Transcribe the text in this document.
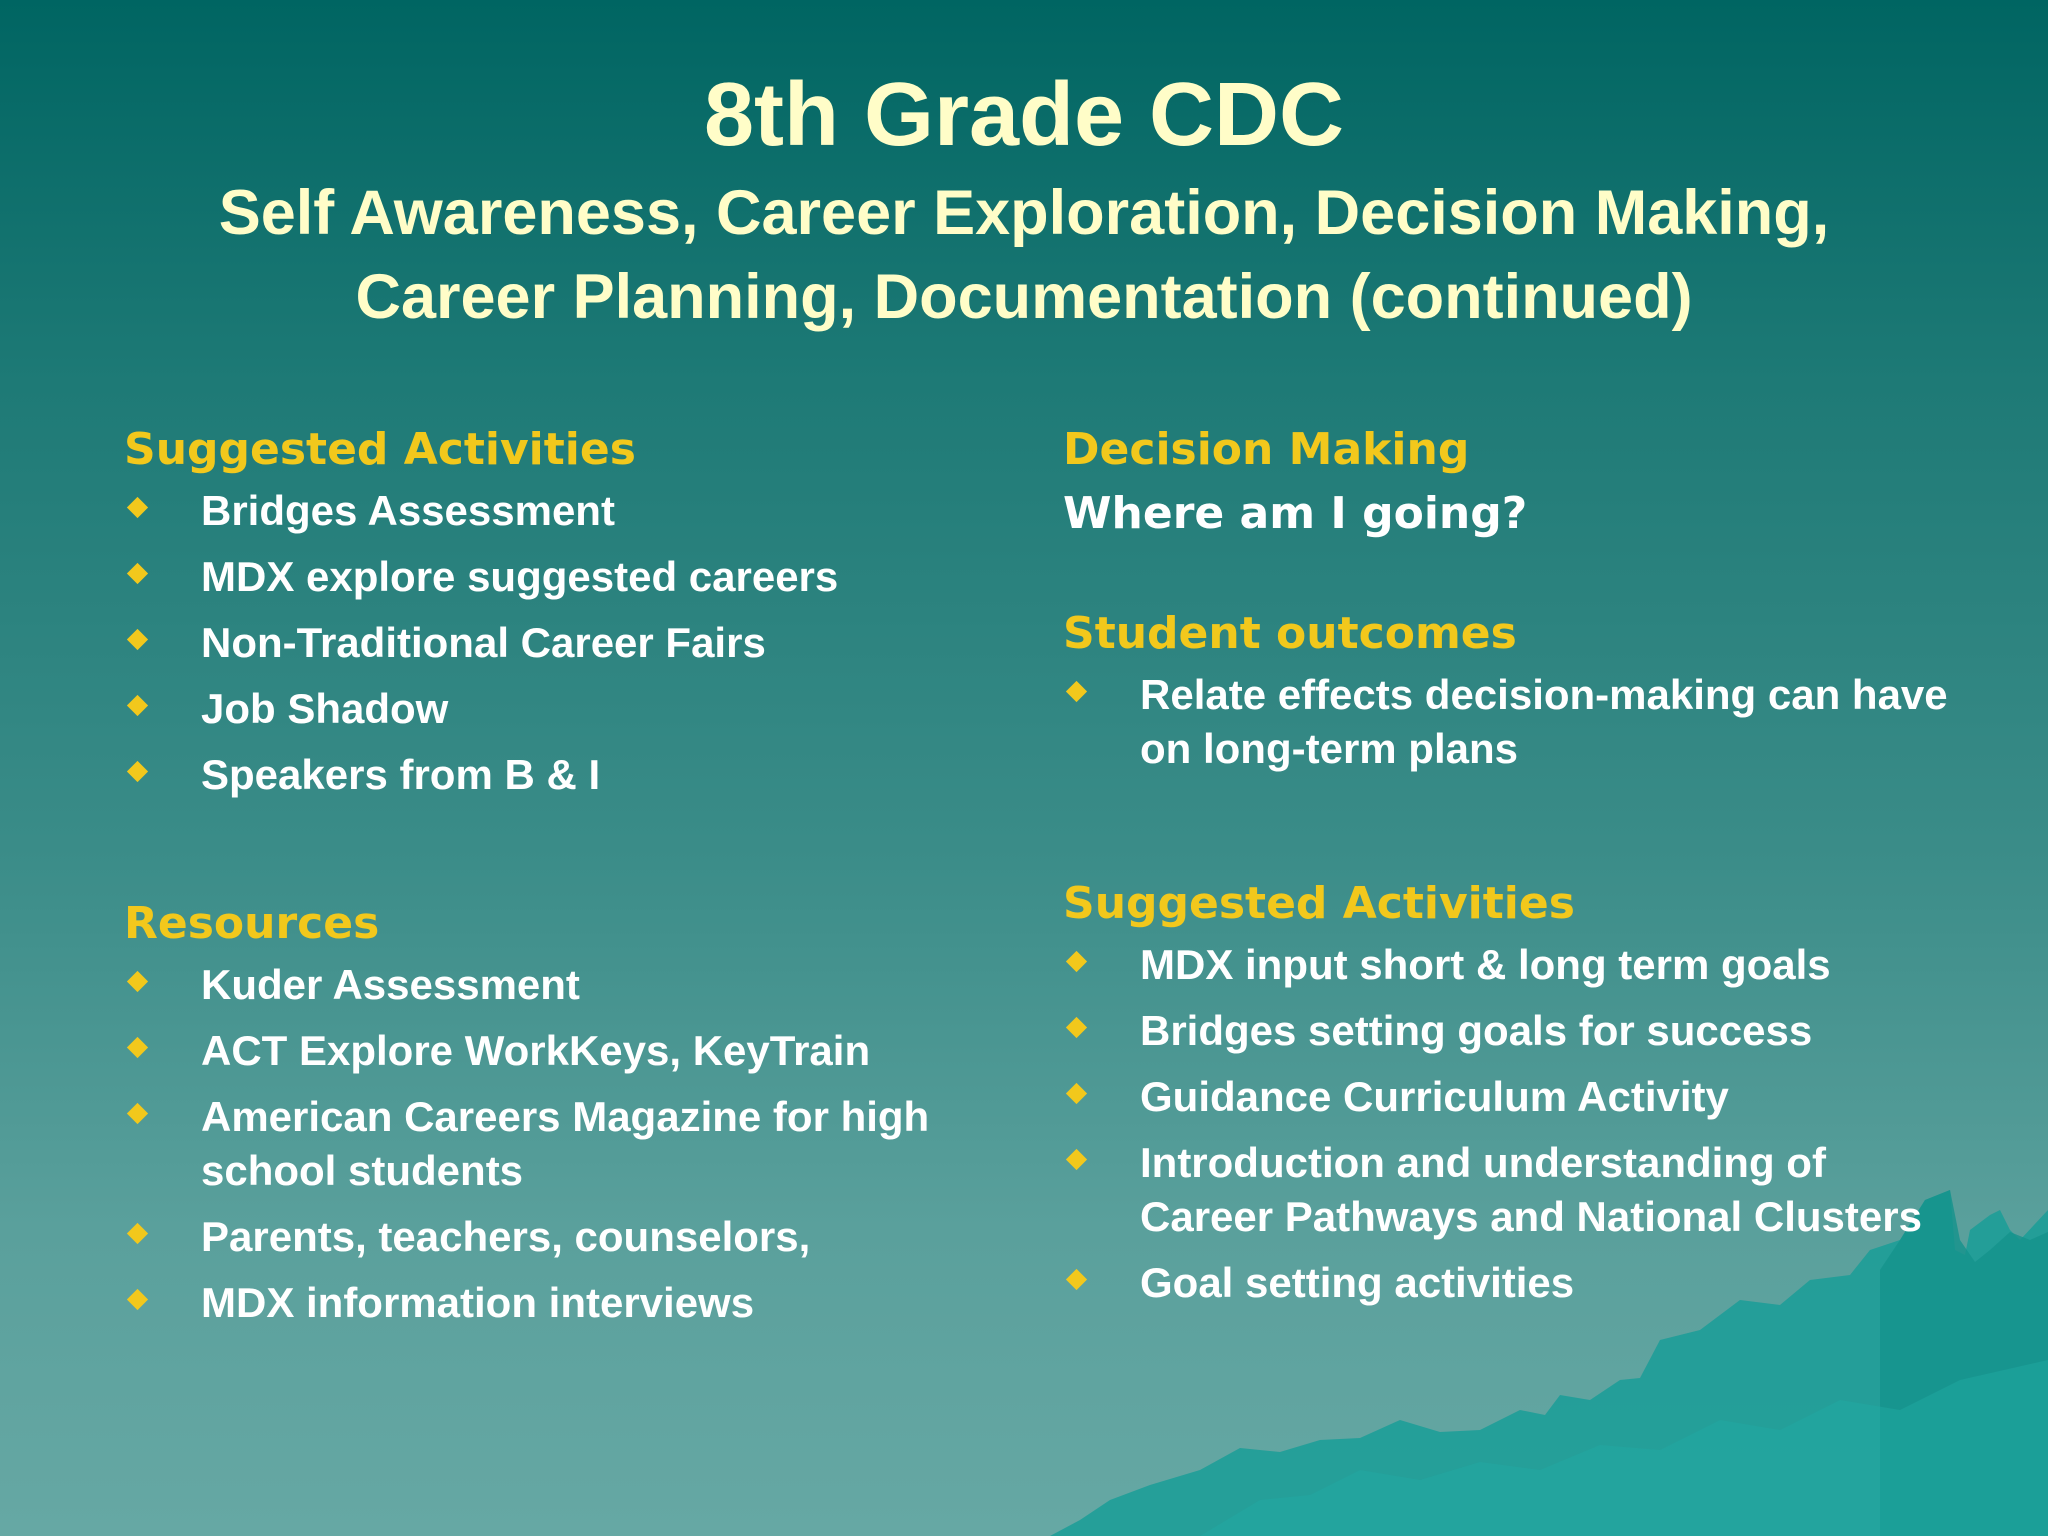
8th Grade CDC
Self Awareness, Career Exploration, Decision Making,
Career Planning, Documentation (continued)
Suggested Activities
Bridges Assessment
MDX explore suggested careers
Non-Traditional Career Fairs
Job Shadow
Speakers from B & I
Resources
Kuder Assessment
ACT Explore WorkKeys, KeyTrain
American Careers Magazine for high school students
Parents, teachers, counselors,
MDX information interviews
Decision Making
Where am I going?
Student outcomes
Relate effects decision-making can have on long-term plans
Suggested Activities
MDX input short & long term goals
Bridges setting goals for success
Guidance Curriculum Activity
Introduction and understanding of Career Pathways and National Clusters
Goal setting activities
